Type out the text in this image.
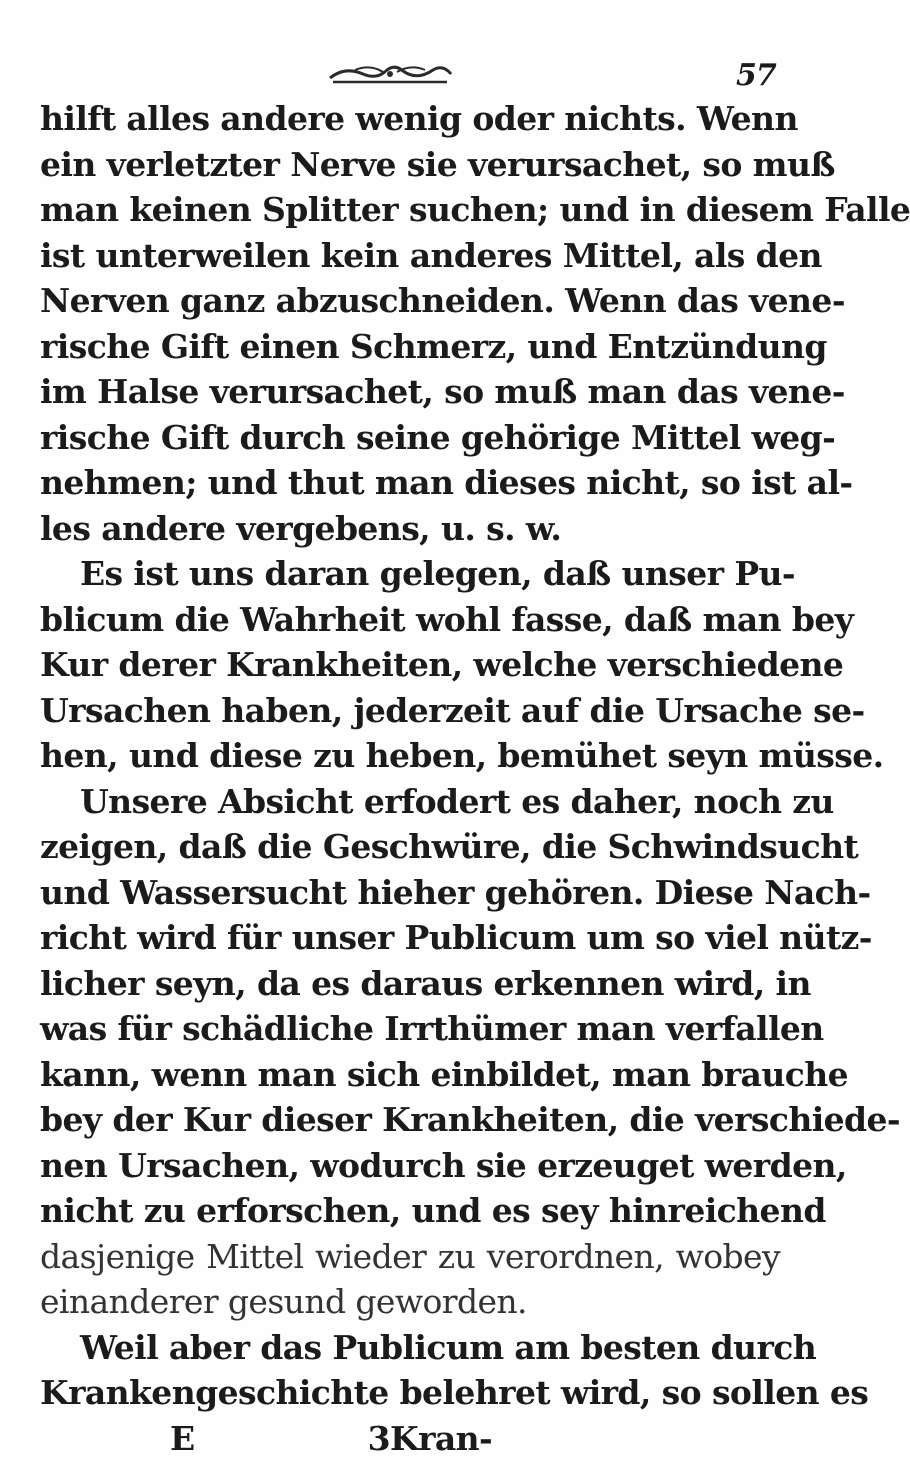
57
hilft alles andere wenig oder nichts. Wenn
ein verletzter Nerve sie verursachet, so muß
man keinen Splitter suchen; und in diesem Falle
ist unterweilen kein anderes Mittel, als den
Nerven ganz abzuschneiden. Wenn das vene-
rische Gift einen Schmerz, und Entzündung
im Halse verursachet, so muß man das vene-
rische Gift durch seine gehörige Mittel weg-
nehmen; und thut man dieses nicht, so ist al-
les andere vergebens, u. s. w.
Es ist uns daran gelegen, daß unser Pu-
blicum die Wahrheit wohl fasse, daß man bey
Kur derer Krankheiten, welche verschiedene
Ursachen haben, jederzeit auf die Ursache se-
hen, und diese zu heben, bemühet seyn müsse.
Unsere Absicht erfodert es daher, noch zu
zeigen, daß die Geschwüre, die Schwindsucht
und Wassersucht hieher gehören. Diese Nach-
richt wird für unser Publicum um so viel nütz-
licher seyn, da es daraus erkennen wird, in
was für schädliche Irrthümer man verfallen
kann, wenn man sich einbildet, man brauche
bey der Kur dieser Krankheiten, die verschiede-
nen Ursachen, wodurch sie erzeuget werden,
nicht zu erforschen, und es sey hinreichend
dasjenige Mittel wieder zu verordnen, wobey
einanderer gesund geworden.
Weil aber das Publicum am besten durch
Krankengeschichte belehret wird, so sollen es
E 3Kran-
